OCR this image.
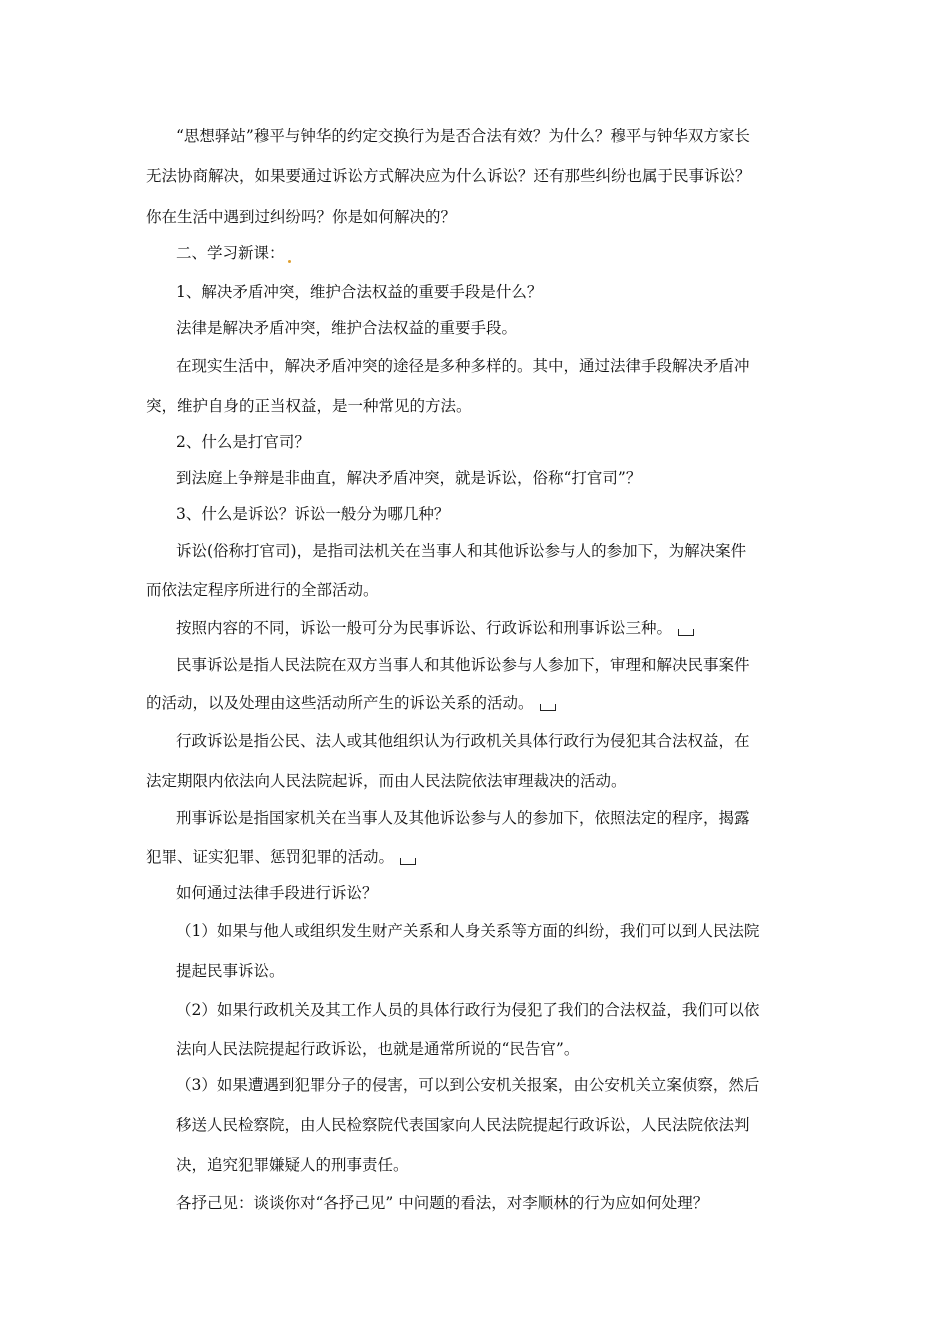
“思想驿站”穆平与钟华的约定交换行为是否合法有效？为什么？穆平与钟华双方家长
无法协商解决，如果要通过诉讼方式解决应为什么诉讼？还有那些纠纷也属于民事诉讼？
你在生活中遇到过纠纷吗？你是如何解决的？
二、学习新课：
1、解决矛盾冲突，维护合法权益的重要手段是什么？
法律是解决矛盾冲突，维护合法权益的重要手段。
在现实生活中，解决矛盾冲突的途径是多种多样的。其中，通过法律手段解决矛盾冲
突，维护自身的正当权益，是一种常见的方法。
2、什么是打官司？
到法庭上争辩是非曲直，解决矛盾冲突，就是诉讼，俗称“打官司”？
3、什么是诉讼？诉讼一般分为哪几种？
诉讼(俗称打官司)，是指司法机关在当事人和其他诉讼参与人的参加下，为解决案件
而依法定程序所进行的全部活动。
按照内容的不同，诉讼一般可分为民事诉讼、行政诉讼和刑事诉讼三种。
民事诉讼是指人民法院在双方当事人和其他诉讼参与人参加下，审理和解决民事案件
的活动，以及处理由这些活动所产生的诉讼关系的活动。
行政诉讼是指公民、法人或其他组织认为行政机关具体行政行为侵犯其合法权益，在
法定期限内依法向人民法院起诉，而由人民法院依法审理裁决的活动。
刑事诉讼是指国家机关在当事人及其他诉讼参与人的参加下，依照法定的程序，揭露
犯罪、证实犯罪、惩罚犯罪的活动。
如何通过法律手段进行诉讼？
（1）如果与他人或组织发生财产关系和人身关系等方面的纠纷，我们可以到人民法院
提起民事诉讼。
（2）如果行政机关及其工作人员的具体行政行为侵犯了我们的合法权益，我们可以依
法向人民法院提起行政诉讼，也就是通常所说的“民告官”。
（3）如果遭遇到犯罪分子的侵害，可以到公安机关报案，由公安机关立案侦察，然后
移送人民检察院，由人民检察院代表国家向人民法院提起行政诉讼，人民法院依法判
决，追究犯罪嫌疑人的刑事责任。
各抒己见：谈谈你对“各抒己见” 中问题的看法，对李顺林的行为应如何处理？
